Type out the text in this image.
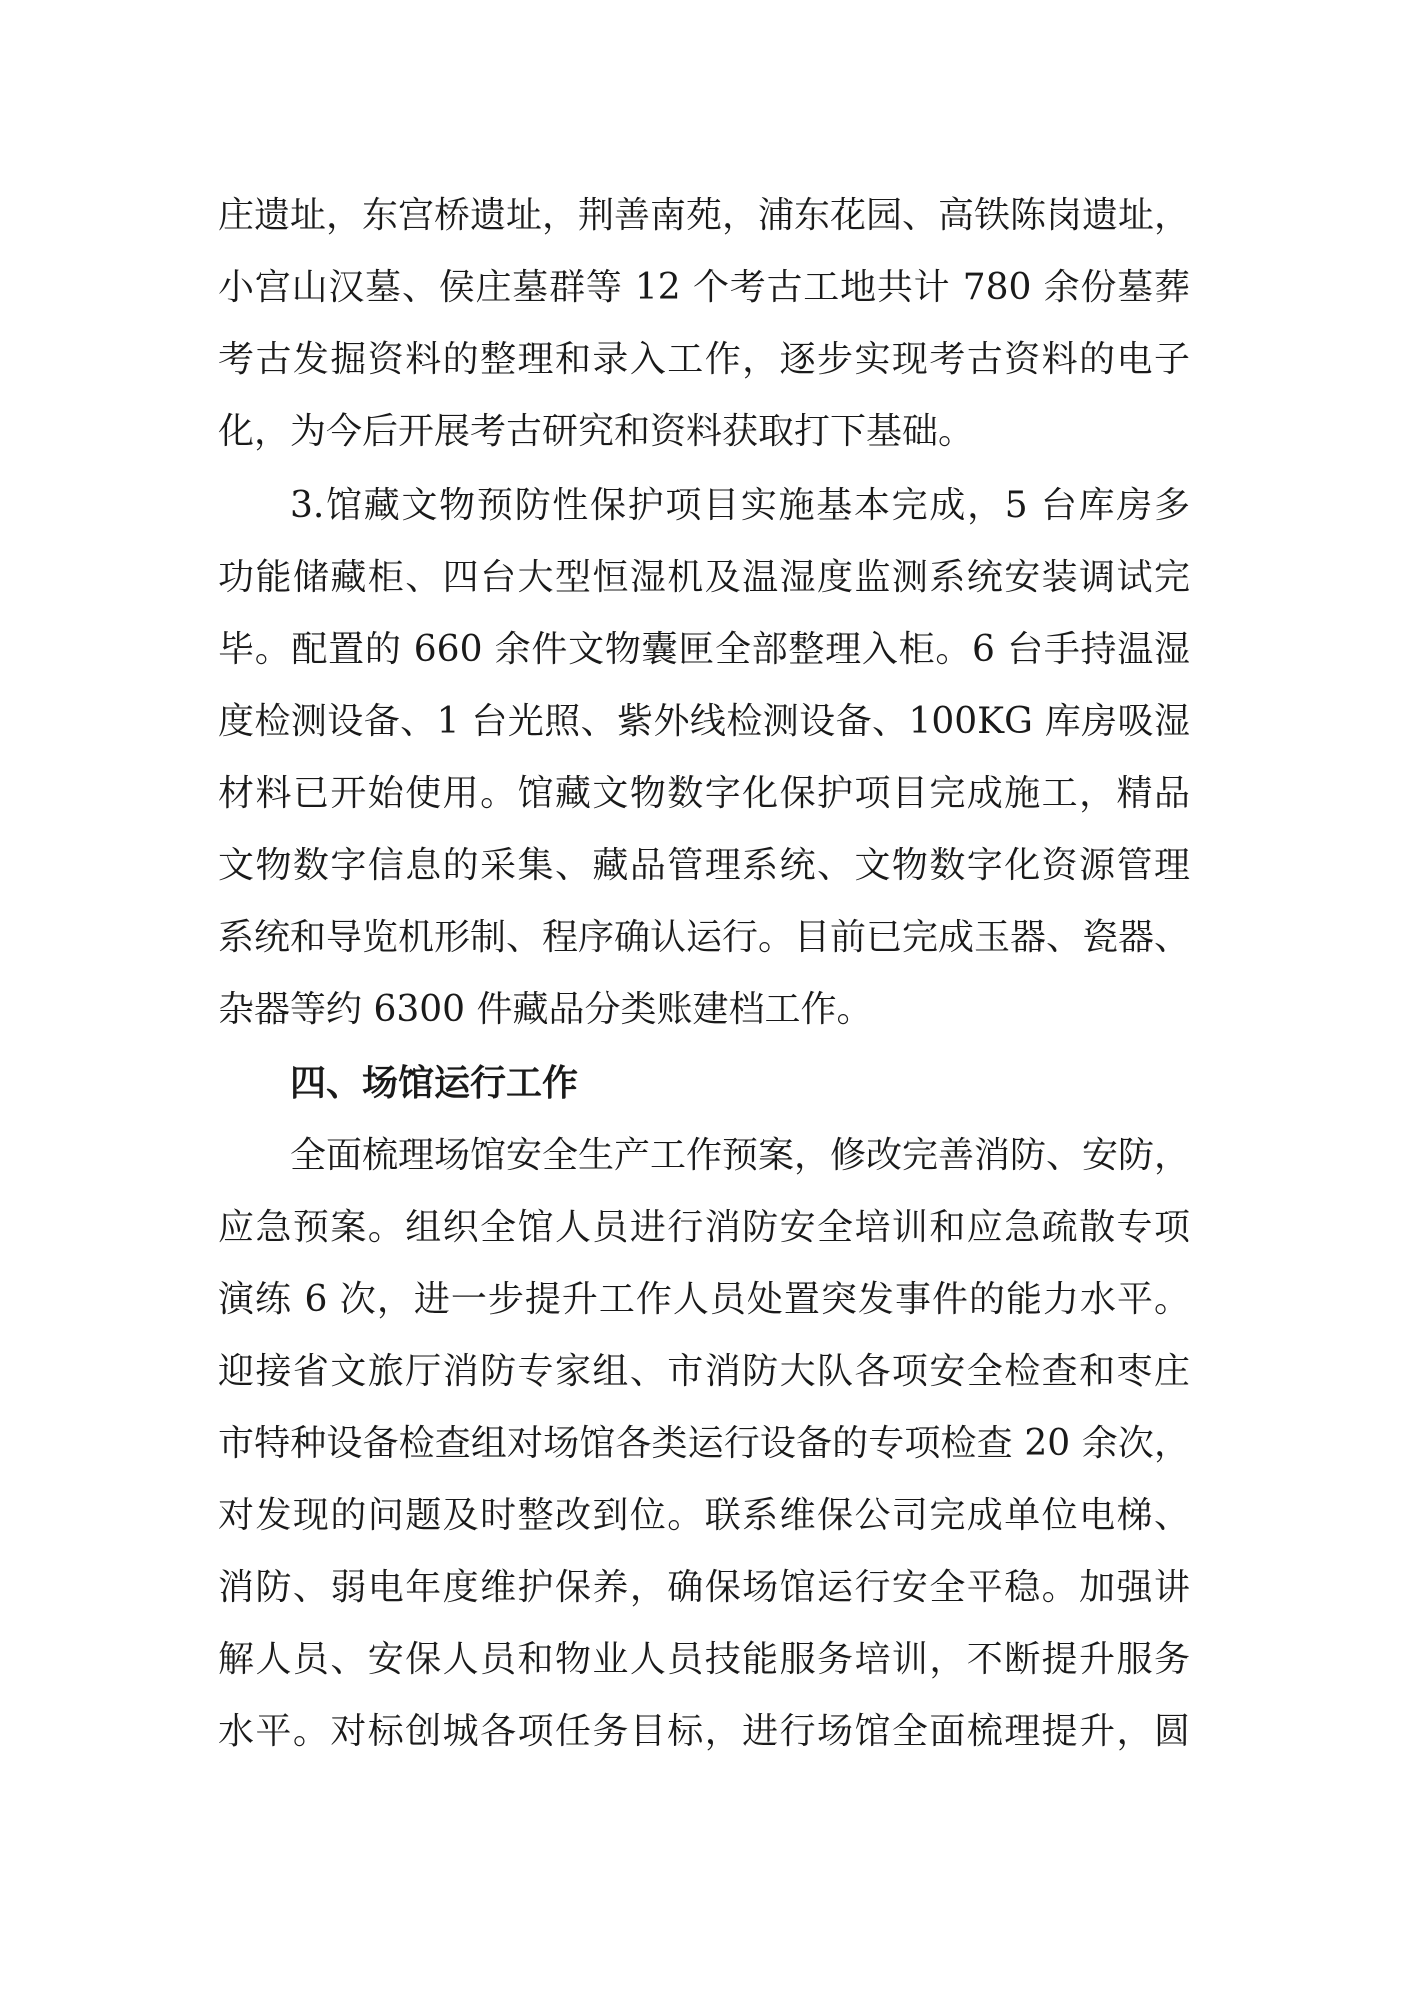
庄遗址，东宫桥遗址，荆善南苑，浦东花园、高铁陈岗遗址，
小宫山汉墓、侯庄墓群等 12 个考古工地共计 780 余份墓葬
考古发掘资料的整理和录入工作，逐步实现考古资料的电子
化，为今后开展考古研究和资料获取打下基础。
3.馆藏文物预防性保护项目实施基本完成，5 台库房多
功能储藏柜、四台大型恒湿机及温湿度监测系统安装调试完
毕。配置的 660 余件文物囊匣全部整理入柜。6 台手持温湿
度检测设备、1 台光照、紫外线检测设备、100KG 库房吸湿
材料已开始使用。馆藏文物数字化保护项目完成施工，精品
文物数字信息的采集、藏品管理系统、文物数字化资源管理
系统和导览机形制、程序确认运行。目前已完成玉器、瓷器、
杂器等约 6300 件藏品分类账建档工作。
四、场馆运行工作
全面梳理场馆安全生产工作预案，修改完善消防、安防，
应急预案。组织全馆人员进行消防安全培训和应急疏散专项
演练 6 次，进一步提升工作人员处置突发事件的能力水平。
迎接省文旅厅消防专家组、市消防大队各项安全检查和枣庄
市特种设备检查组对场馆各类运行设备的专项检查 20 余次，
对发现的问题及时整改到位。联系维保公司完成单位电梯、
消防、弱电年度维护保养，确保场馆运行安全平稳。加强讲
解人员、安保人员和物业人员技能服务培训，不断提升服务
水平。对标创城各项任务目标，进行场馆全面梳理提升，圆
